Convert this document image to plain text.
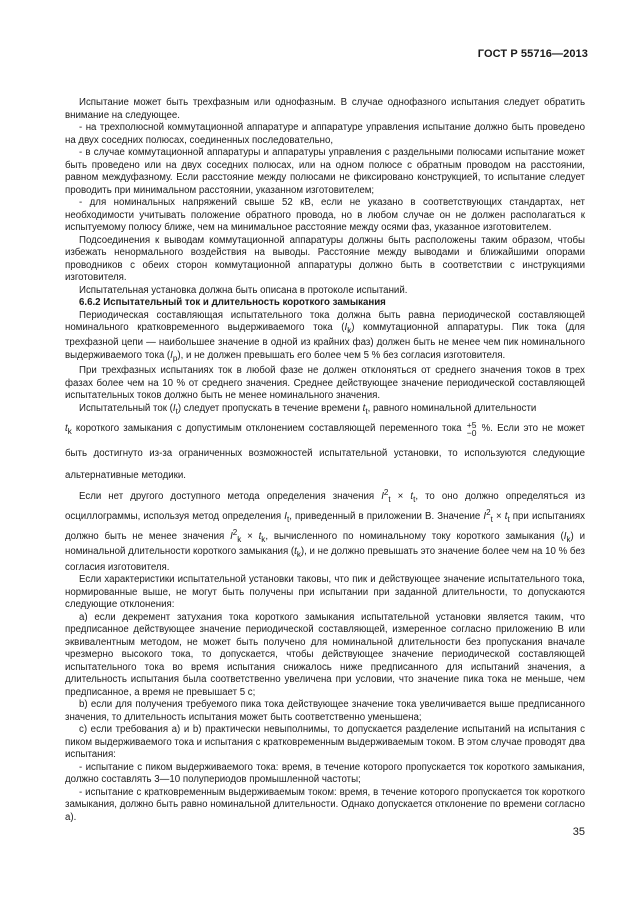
ГОСТ Р 55716—2013

Испытание может быть трехфазным или однофазным. В случае однофазного испытания следует обратить внимание на следующее.

- на трехполюсной коммутационной аппаратуре и аппаратуре управления испытание должно быть проведено на двух соседних полюсах, соединенных последовательно,

- в случае коммутационной аппаратуры и аппаратуры управления с раздельными полюсами испытание может быть проведено или на двух соседних полюсах, или на одном полюсе с обратным проводом на расстоянии, равном междуфазному. Если расстояние между полюсами не фиксировано конструкцией, то испытание следует проводить при минимальном расстоянии, указанном изготовителем;

- для номинальных напряжений свыше 52 кВ, если не указано в соответствующих стандартах, нет необходимости учитывать положение обратного провода, но в любом случае он не должен располагаться к испытуемому полюсу ближе, чем на минимальное расстояние между осями фаз, указанное изготовителем.

Подсоединения к выводам коммутационной аппаратуры должны быть расположены таким образом, чтобы избежать ненормального воздействия на выводы. Расстояние между выводами и ближайшими опорами проводников с обеих сторон коммутационной аппаратуры должно быть в соответствии с инструкциями изготовителя.

Испытательная установка должна быть описана в протоколе испытаний.

6.6.2 Испытательный ток и длительность короткого замыкания

Периодическая составляющая испытательного тока должна быть равна периодической составляющей номинального кратковременного выдерживаемого тока $(I_k)$ коммутационной аппаратуры. Пик тока (для трехфазной цепи — наибольшее значение в одной из крайних фаз) должен быть не менее чем пик номинального выдерживаемого тока $(I_p)$, и не должен превышать его более чем 5 % без согласия изготовителя.

При трехфазных испытаниях ток в любой фазе не должен отклоняться от среднего значения токов в трех фазах более чем на 10 % от среднего значения. Среднее действующее значение периодической составляющей испытательных токов должно быть не менее номинального значения.

Испытательный ток $(I_t)$ следует пропускать в течение времени $t_t$, равного номинальной длительности

$t_k$ короткого замыкания с допустимым отклонением составляющей переменного тока +5
−0 %. Если это не может быть достигнуто из-за ограниченных возможностей испытательной установки, то используются следующие альтернативные методики.

Если нет другого доступного метода определения значения $I^2_t \times t_t$, то оно должно определяться из осциллограммы, используя метод определения $I_t$, приведенный в приложении В. Значение $I^2_t \times t_t$ при испытаниях должно быть не менее значения $I^2_k \times t_k$, вычисленного по номинальному току короткого замыкания $(I_k)$ и номинальной длительности короткого замыкания $(t_k)$, и не должно превышать это значение более чем на 10 % без согласия изготовителя.

Если характеристики испытательной установки таковы, что пик и действующее значение испытательного тока, нормированные выше, не могут быть получены при испытании при заданной длительности, то допускаются следующие отклонения:

а) если декремент затухания тока короткого замыкания испытательной установки является таким, что предписанное действующее значение периодической составляющей, измеренное согласно приложению В или эквивалентным методом, не может быть получено для номинальной длительности без пропускания вначале чрезмерно высокого тока, то допускается, чтобы действующее значение периодической составляющей испытательного тока во время испытания снижалось ниже предписанного для испытаний значения, а длительность испытания была соответственно увеличена при условии, что значение пика тока не меньше, чем предписанное, а время не превышает 5 с;

b) если для получения требуемого пика тока действующее значение тока увеличивается выше предписанного значения, то длительность испытания может быть соответственно уменьшена;

c) если требования а) и b) практически невыполнимы, то допускается разделение испытаний на испытания с пиком выдерживаемого тока и испытания с кратковременным выдерживаемым током. В этом случае проводят два испытания:

- испытание с пиком выдерживаемого тока: время, в течение которого пропускается ток короткого замыкания, должно составлять 3—10 полупериодов промышленной частоты;

- испытание с кратковременным выдерживаемым током: время, в течение которого пропускается ток короткого замыкания, должно быть равно номинальной длительности. Однако допускается отклонение по времени согласно а).

35
